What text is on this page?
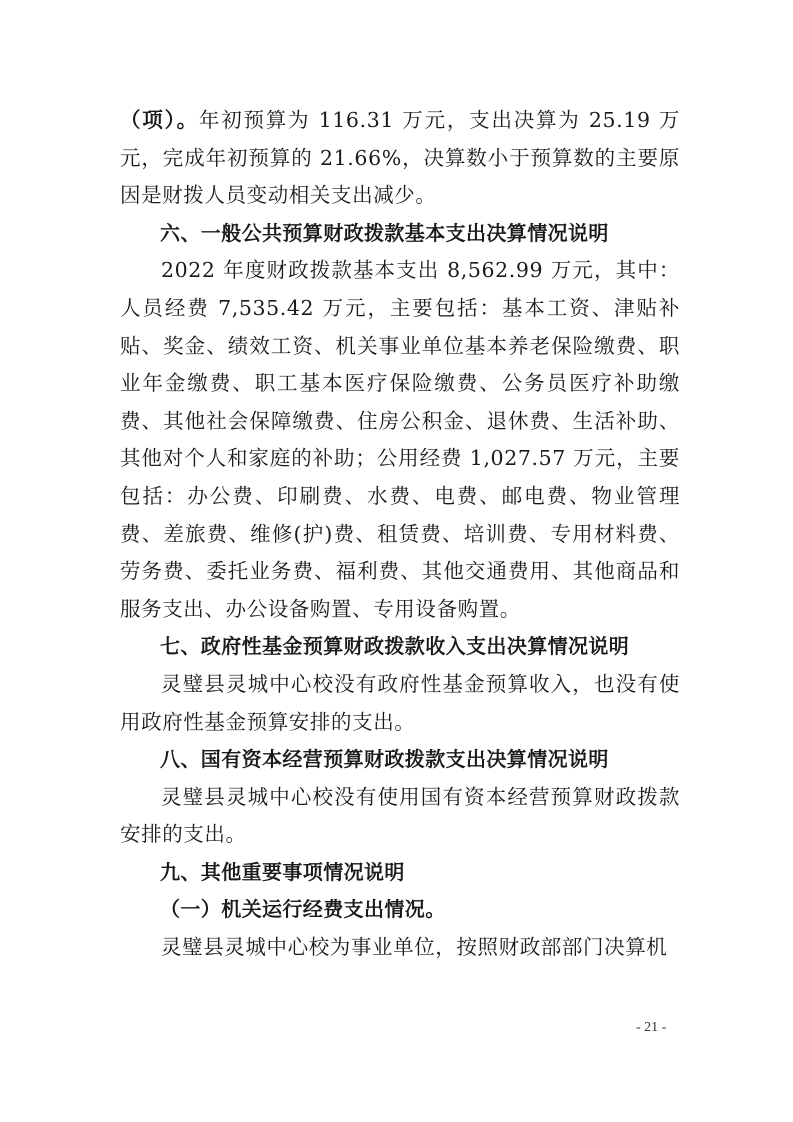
（项）。年初预算为 116.31 万元，支出决算为 25.19 万元，完成年初预算的 21.66%，决算数小于预算数的主要原因是财拨人员变动相关支出减少。

六、一般公共预算财政拨款基本支出决算情况说明

2022 年度财政拨款基本支出 8,562.99 万元，其中：人员经费 7,535.42 万元，主要包括：基本工资、津贴补贴、奖金、绩效工资、机关事业单位基本养老保险缴费、职业年金缴费、职工基本医疗保险缴费、公务员医疗补助缴费、其他社会保障缴费、住房公积金、退休费、生活补助、其他对个人和家庭的补助；公用经费 1,027.57 万元，主要包括：办公费、印刷费、水费、电费、邮电费、物业管理费、差旅费、维修(护)费、租赁费、培训费、专用材料费、劳务费、委托业务费、福利费、其他交通费用、其他商品和服务支出、办公设备购置、专用设备购置。

七、政府性基金预算财政拨款收入支出决算情况说明

灵璧县灵城中心校没有政府性基金预算收入，也没有使用政府性基金预算安排的支出。

八、国有资本经营预算财政拨款支出决算情况说明

灵璧县灵城中心校没有使用国有资本经营预算财政拨款安排的支出。

九、其他重要事项情况说明

（一）机关运行经费支出情况。

灵璧县灵城中心校为事业单位，按照财政部部门决算机

- 21 -
